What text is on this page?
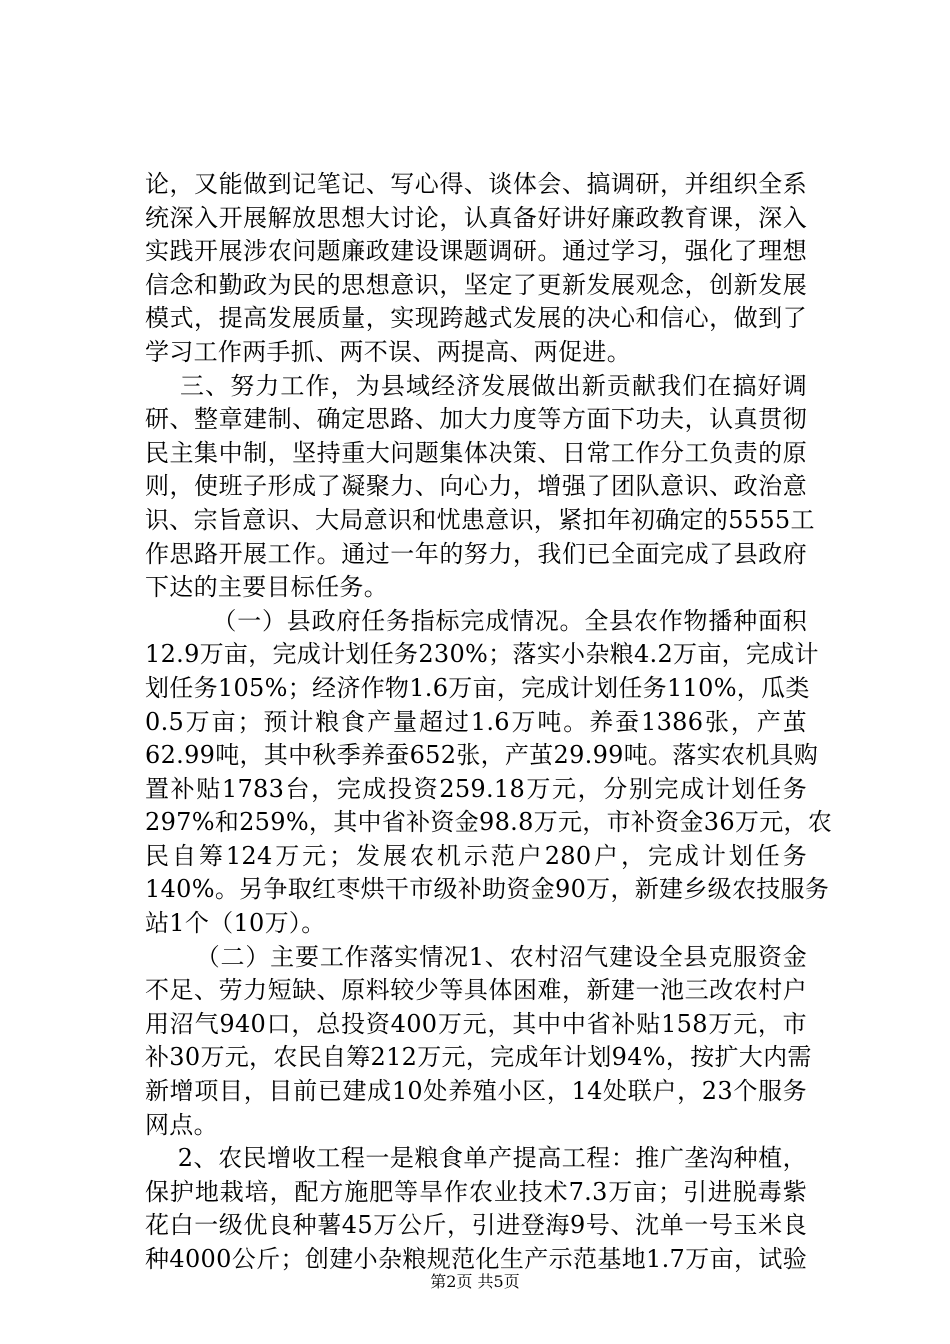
论，又能做到记笔记、写心得、谈体会、搞调研，并组织全系
统深入开展解放思想大讨论，认真备好讲好廉政教育课，深入
实践开展涉农问题廉政建设课题调研。通过学习，强化了理想
信念和勤政为民的思想意识，坚定了更新发展观念，创新发展
模式，提高发展质量，实现跨越式发展的决心和信心，做到了
学习工作两手抓、两不误、两提高、两促进。
三、努力工作，为县域经济发展做出新贡献我们在搞好调
研、整章建制、确定思路、加大力度等方面下功夫，认真贯彻
民主集中制，坚持重大问题集体决策、日常工作分工负责的原
则，使班子形成了凝聚力、向心力，增强了团队意识、政治意
识、宗旨意识、大局意识和忧患意识，紧扣年初确定的5555工
作思路开展工作。通过一年的努力，我们已全面完成了县政府
下达的主要目标任务。
（一）县政府任务指标完成情况。全县农作物播种面积
12.9万亩，完成计划任务230%；落实小杂粮4.2万亩，完成计
划任务105%；经济作物1.6万亩，完成计划任务110%，瓜类
0.5万亩；预计粮食产量超过1.6万吨。养蚕1386张，产茧
62.99吨，其中秋季养蚕652张，产茧29.99吨。落实农机具购
置补贴1783台，完成投资259.18万元，分别完成计划任务
297%和259%，其中省补资金98.8万元，市补资金36万元，农
民自筹124万元；发展农机示范户280户，完成计划任务
140%。另争取红枣烘干市级补助资金90万，新建乡级农技服务
站1个（10万）。
（二）主要工作落实情况1、农村沼气建设全县克服资金
不足、劳力短缺、原料较少等具体困难，新建一池三改农村户
用沼气940口，总投资400万元，其中中省补贴158万元，市
补30万元，农民自筹212万元，完成年计划94%，按扩大内需
新增项目，目前已建成10处养殖小区，14处联户，23个服务
网点。
2、农民增收工程一是粮食单产提高工程：推广垄沟种植，
保护地栽培，配方施肥等旱作农业技术7.3万亩；引进脱毒紫
花白一级优良种薯45万公斤，引进登海9号、沈单一号玉米良
种4000公斤；创建小杂粮规范化生产示范基地1.7万亩，试验
第2页 共5页
